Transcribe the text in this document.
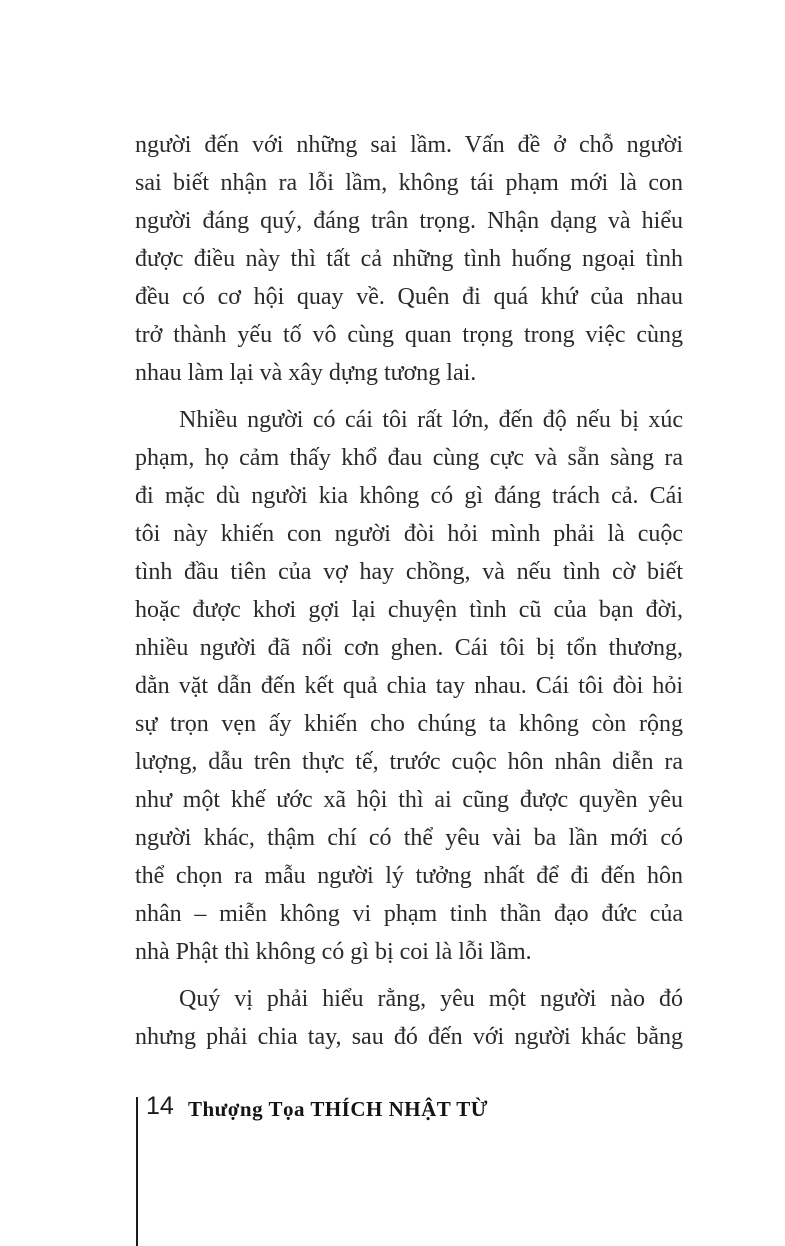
người đến với những sai lầm. Vấn đề ở chỗ người
sai biết nhận ra lỗi lầm, không tái phạm mới là con
người đáng quý, đáng trân trọng. Nhận dạng và hiểu
được điều này thì tất cả những tình huống ngoại tình
đều có cơ hội quay về. Quên đi quá khứ của nhau
trở thành yếu tố vô cùng quan trọng trong việc cùng
nhau làm lại và xây dựng tương lai.
Nhiều người có cái tôi rất lớn, đến độ nếu bị xúc
phạm, họ cảm thấy khổ đau cùng cực và sẵn sàng ra
đi mặc dù người kia không có gì đáng trách cả. Cái
tôi này khiến con người đòi hỏi mình phải là cuộc
tình đầu tiên của vợ hay chồng, và nếu tình cờ biết
hoặc được khơi gợi lại chuyện tình cũ của bạn đời,
nhiều người đã nổi cơn ghen. Cái tôi bị tổn thương,
dằn vặt dẫn đến kết quả chia tay nhau. Cái tôi đòi hỏi
sự trọn vẹn ấy khiến cho chúng ta không còn rộng
lượng, dẫu trên thực tế, trước cuộc hôn nhân diễn ra
như một khế ước xã hội thì ai cũng được quyền yêu
người khác, thậm chí có thể yêu vài ba lần mới có
thể chọn ra mẫu người lý tưởng nhất để đi đến hôn
nhân – miễn không vi phạm tinh thần đạo đức của
nhà Phật thì không có gì bị coi là lỗi lầm.
Quý vị phải hiểu rằng, yêu một người nào đó
nhưng phải chia tay, sau đó đến với người khác bằng
14 Thượng Tọa THÍCH NHẬT TỪ
